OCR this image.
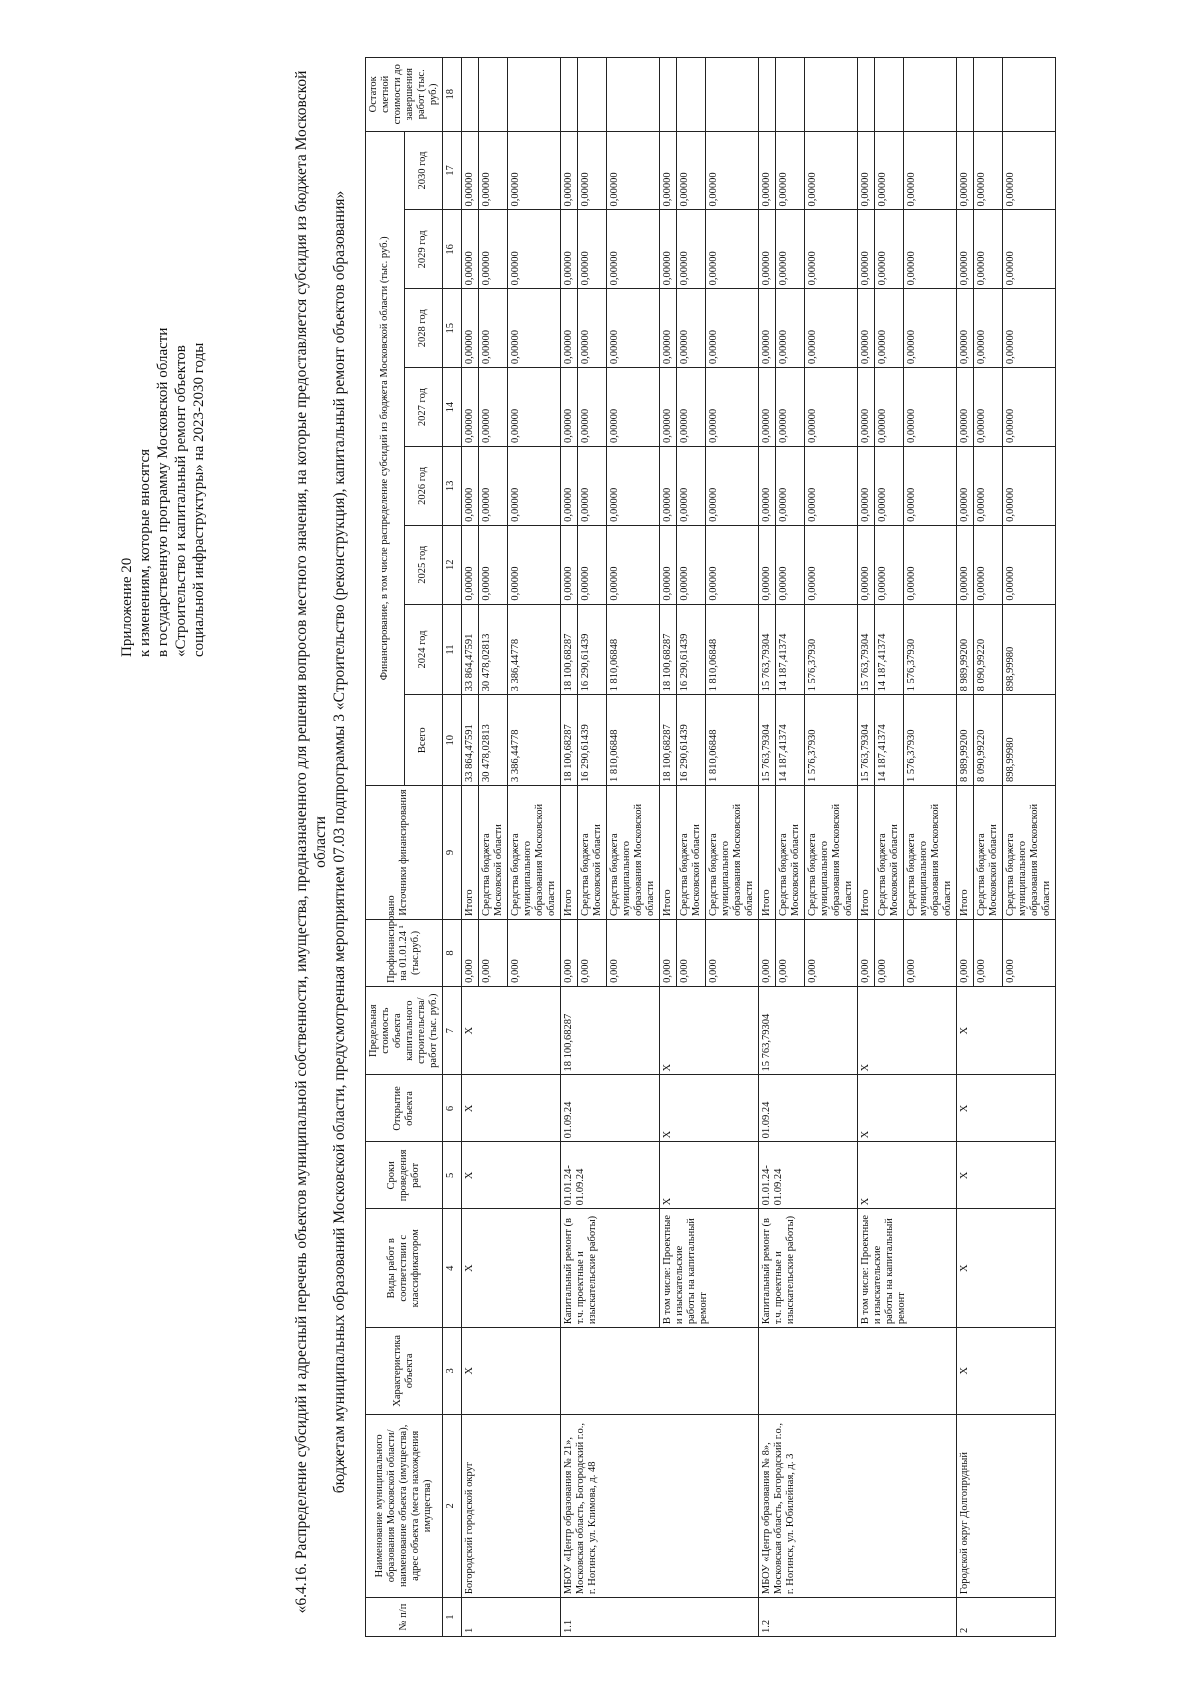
Приложение 20 к изменениям, которые вносятся в государственную программу Московской области «Строительство и капитальный ремонт объектов социальной инфраструктуры» на 2023-2030 годы	«6.4.16. Распределение субсидий и адресный перечень объектов муниципальной собственности, имущества, предназначенного для решения вопросов местного значения, на которые предоставляется субсидия из бюджета Московской области бюджетам муниципальных образований Московской области, предусмотренная мероприятием 07.03 подпрограммы 3 «Строительство (реконструкция), капитальный ремонт объектов образования»
№ п/п	Наименование муниципального образования Московской области/наименование объекта (имущества), адрес объекта (места нахождения имущества)	Характеристика объекта	Виды работ в соответствии с классификатором	Сроки проведения работ	Открытие объекта	Предельная стоимость объекта капитального строительства/ работ (тыс. руб.)	Профинансировано на 01.01.24 ¹ (тыс.руб.)	Источники финансирования	Финансирование, в том числе распределение субсидий из бюджета Московской области (тыс. руб.)								Остаток сметной стоимости до завершения работ (тыс. руб.)
									Всего	2024 год	2025 год	2026 год	2027 год	2028 год	2029 год	2030 год	
1	2	3	4	5	6	7	8	9	10	11	12	13	14	15	16	17	18
1	Богородский городской округ	X	X	X	X	X	0,000	Итого	33 864,47591	33 864,47591	0,00000	0,00000	0,00000	0,00000	0,00000	0,00000	
							0,000	Средства бюджета Московской области	30 478,02813	30 478,02813	0,00000	0,00000	0,00000	0,00000	0,00000	0,00000	
							0,000	Средства бюджета муниципального образования Московской области	3 386,44778	3 386,44778	0,00000	0,00000	0,00000	0,00000	0,00000	0,00000	
1.1	МБОУ «Центр образования № 21», Московская область, Богородский г.о., г. Ногинск, ул. Климова, д. 48		Капитальный ремонт (в т.ч. проектные и изыскательские работы)	01.01.24-01.09.24	01.09.24	18 100,68287	0,000	Итого	18 100,68287	18 100,68287	0,00000	0,00000	0,00000	0,00000	0,00000	0,00000	
							0,000	Средства бюджета Московской области	16 290,61439	16 290,61439	0,00000	0,00000	0,00000	0,00000	0,00000	0,00000	
							0,000	Средства бюджета муниципального образования Московской области	1 810,06848	1 810,06848	0,00000	0,00000	0,00000	0,00000	0,00000	0,00000	
			В том числе: Проектные и изыскательские работы на капитальный ремонт	X	X	X	0,000	Итого	18 100,68287	18 100,68287	0,00000	0,00000	0,00000	0,00000	0,00000	0,00000	
							0,000	Средства бюджета Московской области	16 290,61439	16 290,61439	0,00000	0,00000	0,00000	0,00000	0,00000	0,00000	
							0,000	Средства бюджета муниципального образования Московской области	1 810,06848	1 810,06848	0,00000	0,00000	0,00000	0,00000	0,00000	0,00000	
1.2	МБОУ «Центр образования № 8», Московская область, Богородский г.о., г. Ногинск, ул. Юбилейная, д. 3		Капитальный ремонт (в т.ч. проектные и изыскательские работы)	01.01.24-01.09.24	01.09.24	15 763,79304	0,000	Итого	15 763,79304	15 763,79304	0,00000	0,00000	0,00000	0,00000	0,00000	0,00000	
							0,000	Средства бюджета Московской области	14 187,41374	14 187,41374	0,00000	0,00000	0,00000	0,00000	0,00000	0,00000	
							0,000	Средства бюджета муниципального образования Московской области	1 576,37930	1 576,37930	0,00000	0,00000	0,00000	0,00000	0,00000	0,00000	
			В том числе: Проектные и изыскательские работы на капитальный ремонт	X	X	X	0,000	Итого	15 763,79304	15 763,79304	0,00000	0,00000	0,00000	0,00000	0,00000	0,00000	
							0,000	Средства бюджета Московской области	14 187,41374	14 187,41374	0,00000	0,00000	0,00000	0,00000	0,00000	0,00000	
							0,000	Средства бюджета муниципального образования Московской области	1 576,37930	1 576,37930	0,00000	0,00000	0,00000	0,00000	0,00000	0,00000	
2	Городской округ Долгопрудный	X	X	X	X	X	0,000	Итого	8 989,99200	8 989,99200	0,00000	0,00000	0,00000	0,00000	0,00000	0,00000	
							0,000	Средства бюджета Московской области	8 090,99220	8 090,99220	0,00000	0,00000	0,00000	0,00000	0,00000	0,00000	
							0,000	Средства бюджета муниципального образования Московской области	898,99980	898,99980	0,00000	0,00000	0,00000	0,00000	0,00000	0,00000	
